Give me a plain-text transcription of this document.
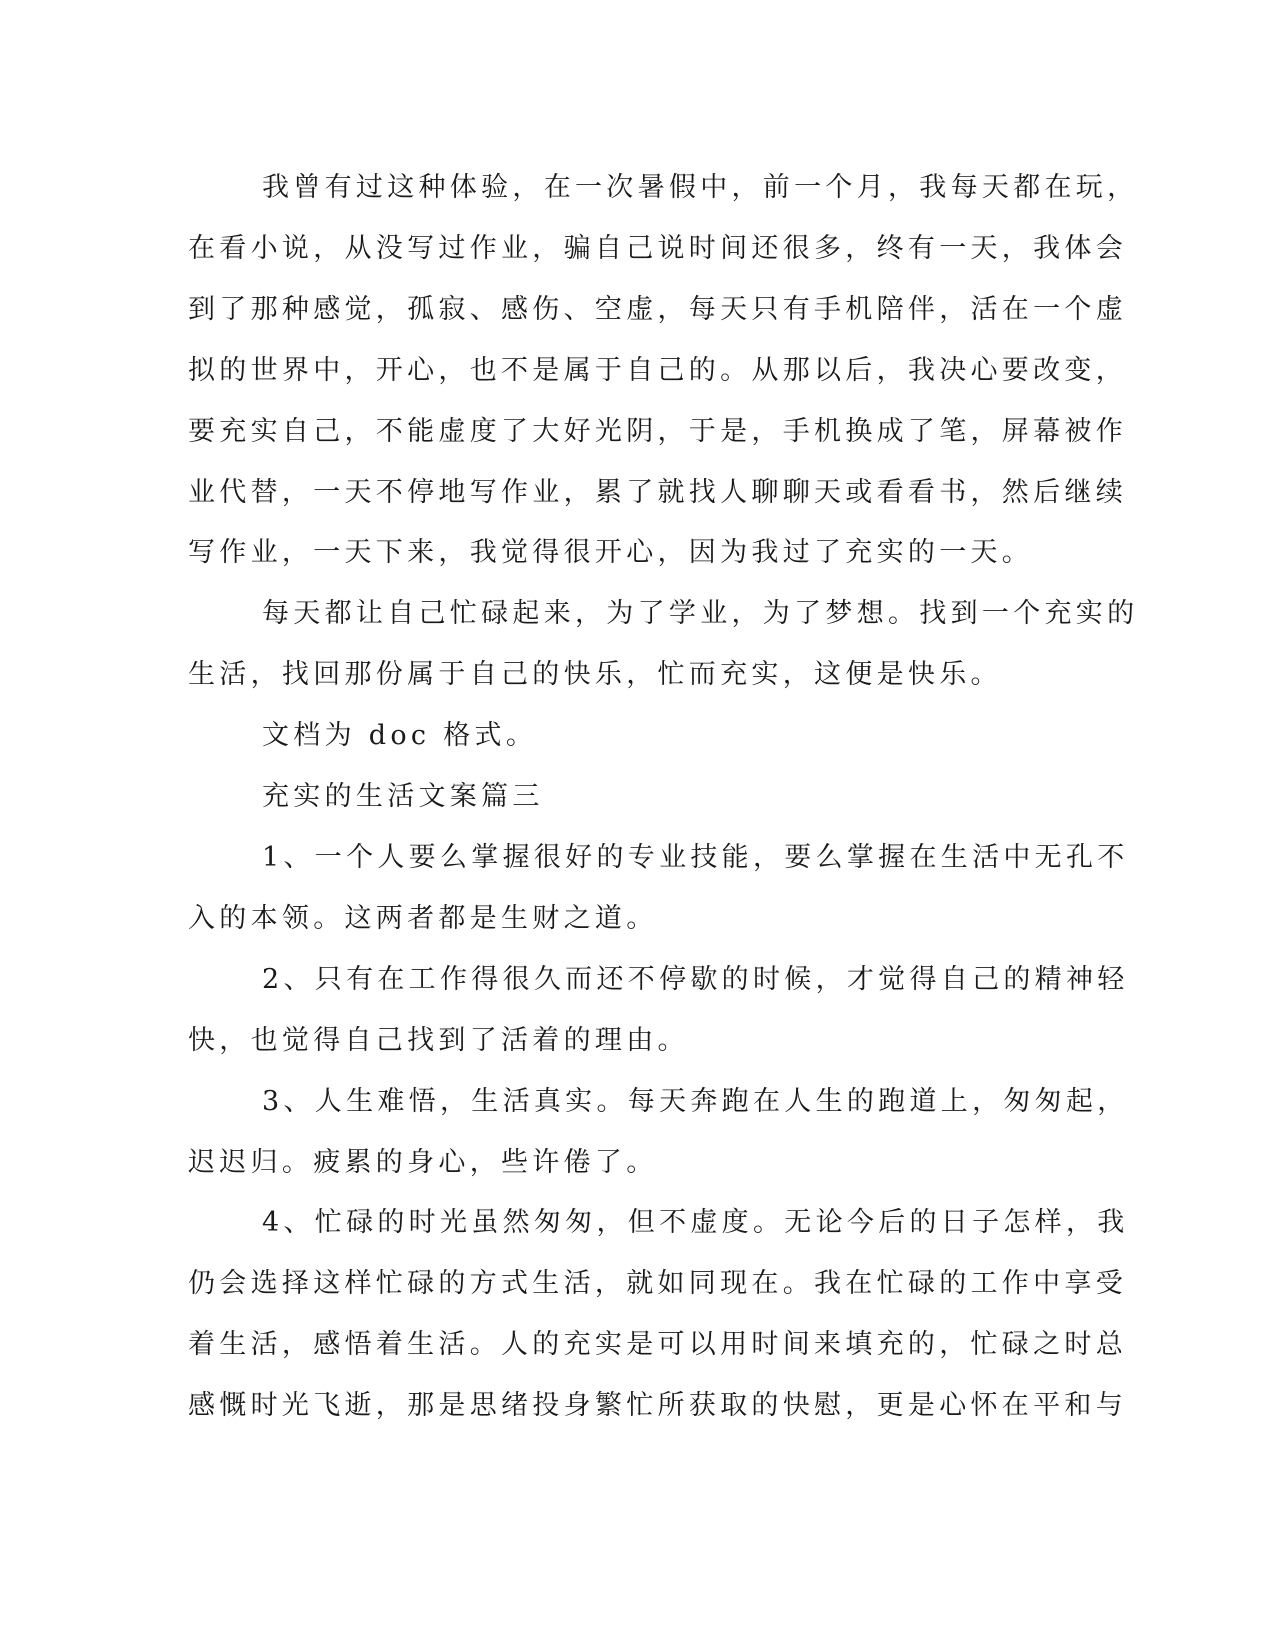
我曾有过这种体验，在一次暑假中，前一个月，我每天都在玩，
在看小说，从没写过作业，骗自己说时间还很多，终有一天，我体会
到了那种感觉，孤寂、感伤、空虚，每天只有手机陪伴，活在一个虚
拟的世界中，开心，也不是属于自己的。从那以后，我决心要改变，
要充实自己，不能虚度了大好光阴，于是，手机换成了笔，屏幕被作
业代替，一天不停地写作业，累了就找人聊聊天或看看书，然后继续
写作业，一天下来，我觉得很开心，因为我过了充实的一天。
每天都让自己忙碌起来，为了学业，为了梦想。找到一个充实的
生活，找回那份属于自己的快乐，忙而充实，这便是快乐。
文档为 doc 格式。
充实的生活文案篇三
1、一个人要么掌握很好的专业技能，要么掌握在生活中无孔不
入的本领。这两者都是生财之道。
2、只有在工作得很久而还不停歇的时候，才觉得自己的精神轻
快，也觉得自己找到了活着的理由。
3、人生难悟，生活真实。每天奔跑在人生的跑道上，匆匆起，
迟迟归。疲累的身心，些许倦了。
4、忙碌的时光虽然匆匆，但不虚度。无论今后的日子怎样，我
仍会选择这样忙碌的方式生活，就如同现在。我在忙碌的工作中享受
着生活，感悟着生活。人的充实是可以用时间来填充的，忙碌之时总
感慨时光飞逝，那是思绪投身繁忙所获取的快慰，更是心怀在平和与
